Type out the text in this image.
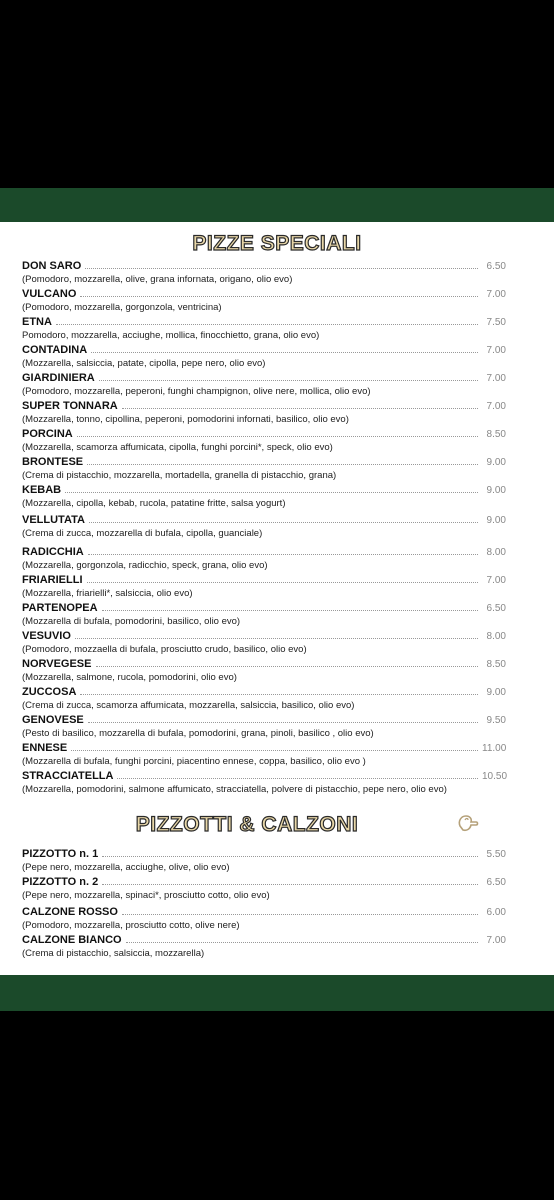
PIZZE SPECIALI
DON SARO	6.50
(Pomodoro, mozzarella, olive, grana infornata, origano, olio evo)
VULCANO	7.00
(Pomodoro, mozzarella, gorgonzola, ventricina)
ETNA	7.50
Pomodoro, mozzarella, acciughe, mollica, finocchietto, grana, olio evo)
CONTADINA	7.00
(Mozzarella, salsiccia, patate, cipolla, pepe nero, olio evo)
GIARDINIERA	7.00
(Pomodoro, mozzarella, peperoni, funghi champignon, olive nere, mollica, olio evo)
SUPER TONNARA	7.00
(Mozzarella, tonno, cipollina, peperoni, pomodorini infornati, basilico, olio evo)
PORCINA	8.50
(Mozzarella, scamorza affumicata, cipolla, funghi porcini*, speck, olio evo)
BRONTESE	9.00
(Crema di pistacchio, mozzarella, mortadella, granella di pistacchio, grana)
KEBAB	9.00
(Mozzarella, cipolla, kebab, rucola, patatine fritte, salsa yogurt)
VELLUTATA	9.00
(Crema di zucca, mozzarella di bufala, cipolla, guanciale)
RADICCHIA	8.00
(Mozzarella, gorgonzola, radicchio, speck, grana, olio evo)
FRIARIELLI	7.00
(Mozzarella, friarielli*, salsiccia, olio evo)
PARTENOPEA	6.50
(Mozzarella di bufala, pomodorini, basilico, olio evo)
VESUVIO	8.00
(Pomodoro, mozzaella di bufala, prosciutto crudo, basilico, olio evo)
NORVEGESE	8.50
(Mozzarella, salmone, rucola, pomodorini, olio evo)
ZUCCOSA	9.00
(Crema di zucca, scamorza affumicata, mozzarella, salsiccia, basilico, olio evo)
GENOVESE	9.50
(Pesto di basilico, mozzarella di bufala, pomodorini, grana, pinoli, basilico , olio evo)
ENNESE	11.00
(Mozzarella di bufala, funghi porcini, piacentino ennese, coppa, basilico, olio evo )
STRACCIATELLA	10.50
(Mozzarella, pomodorini, salmone affumicato, stracciatella, polvere di pistacchio, pepe nero, olio evo)
PIZZOTTI & CALZONI
PIZZOTTO n. 1	5.50
(Pepe nero, mozzarella, acciughe, olive, olio evo)
PIZZOTTO n. 2	6.50
(Pepe nero, mozzarella, spinaci*, prosciutto cotto, olio evo)
CALZONE ROSSO	6.00
(Pomodoro, mozzarella, prosciutto cotto, olive nere)
CALZONE BIANCO	7.00
(Crema di pistacchio, salsiccia, mozzarella)
